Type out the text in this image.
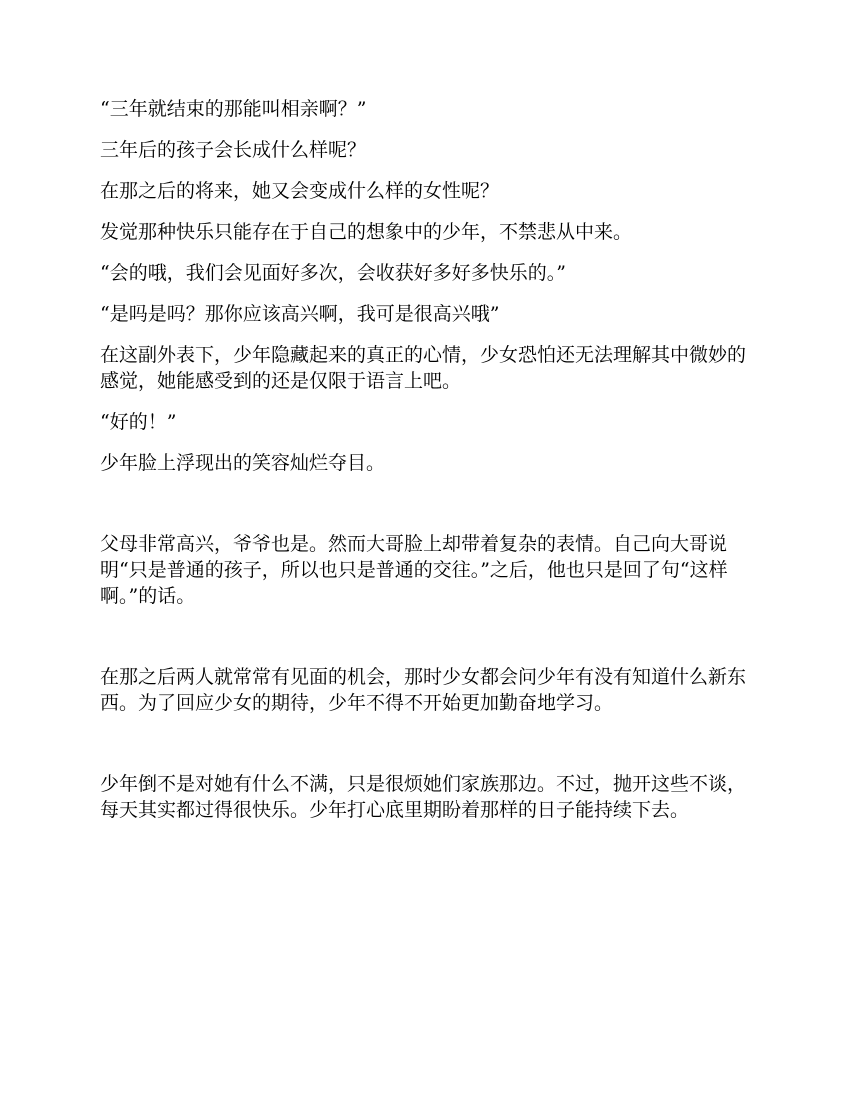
“三年就结束的那能叫相亲啊？”

三年后的孩子会长成什么样呢？

在那之后的将来，她又会变成什么样的女性呢？

发觉那种快乐只能存在于自己的想象中的少年，不禁悲从中来。

“会的哦，我们会见面好多次，会收获好多好多快乐的。”

“是吗是吗？那你应该高兴啊，我可是很高兴哦”

在这副外表下，少年隐藏起来的真正的心情，少女恐怕还无法理解其中微妙的感觉，她能感受到的还是仅限于语言上吧。

“好的！”

少年脸上浮现出的笑容灿烂夺目。

父母非常高兴，爷爷也是。然而大哥脸上却带着复杂的表情。自己向大哥说明“只是普通的孩子，所以也只是普通的交往。”之后，他也只是回了句“这样啊。”的话。

在那之后两人就常常有见面的机会，那时少女都会问少年有没有知道什么新东西。为了回应少女的期待，少年不得不开始更加勤奋地学习。

少年倒不是对她有什么不满，只是很烦她们家族那边。不过，抛开这些不谈，每天其实都过得很快乐。少年打心底里期盼着那样的日子能持续下去。
